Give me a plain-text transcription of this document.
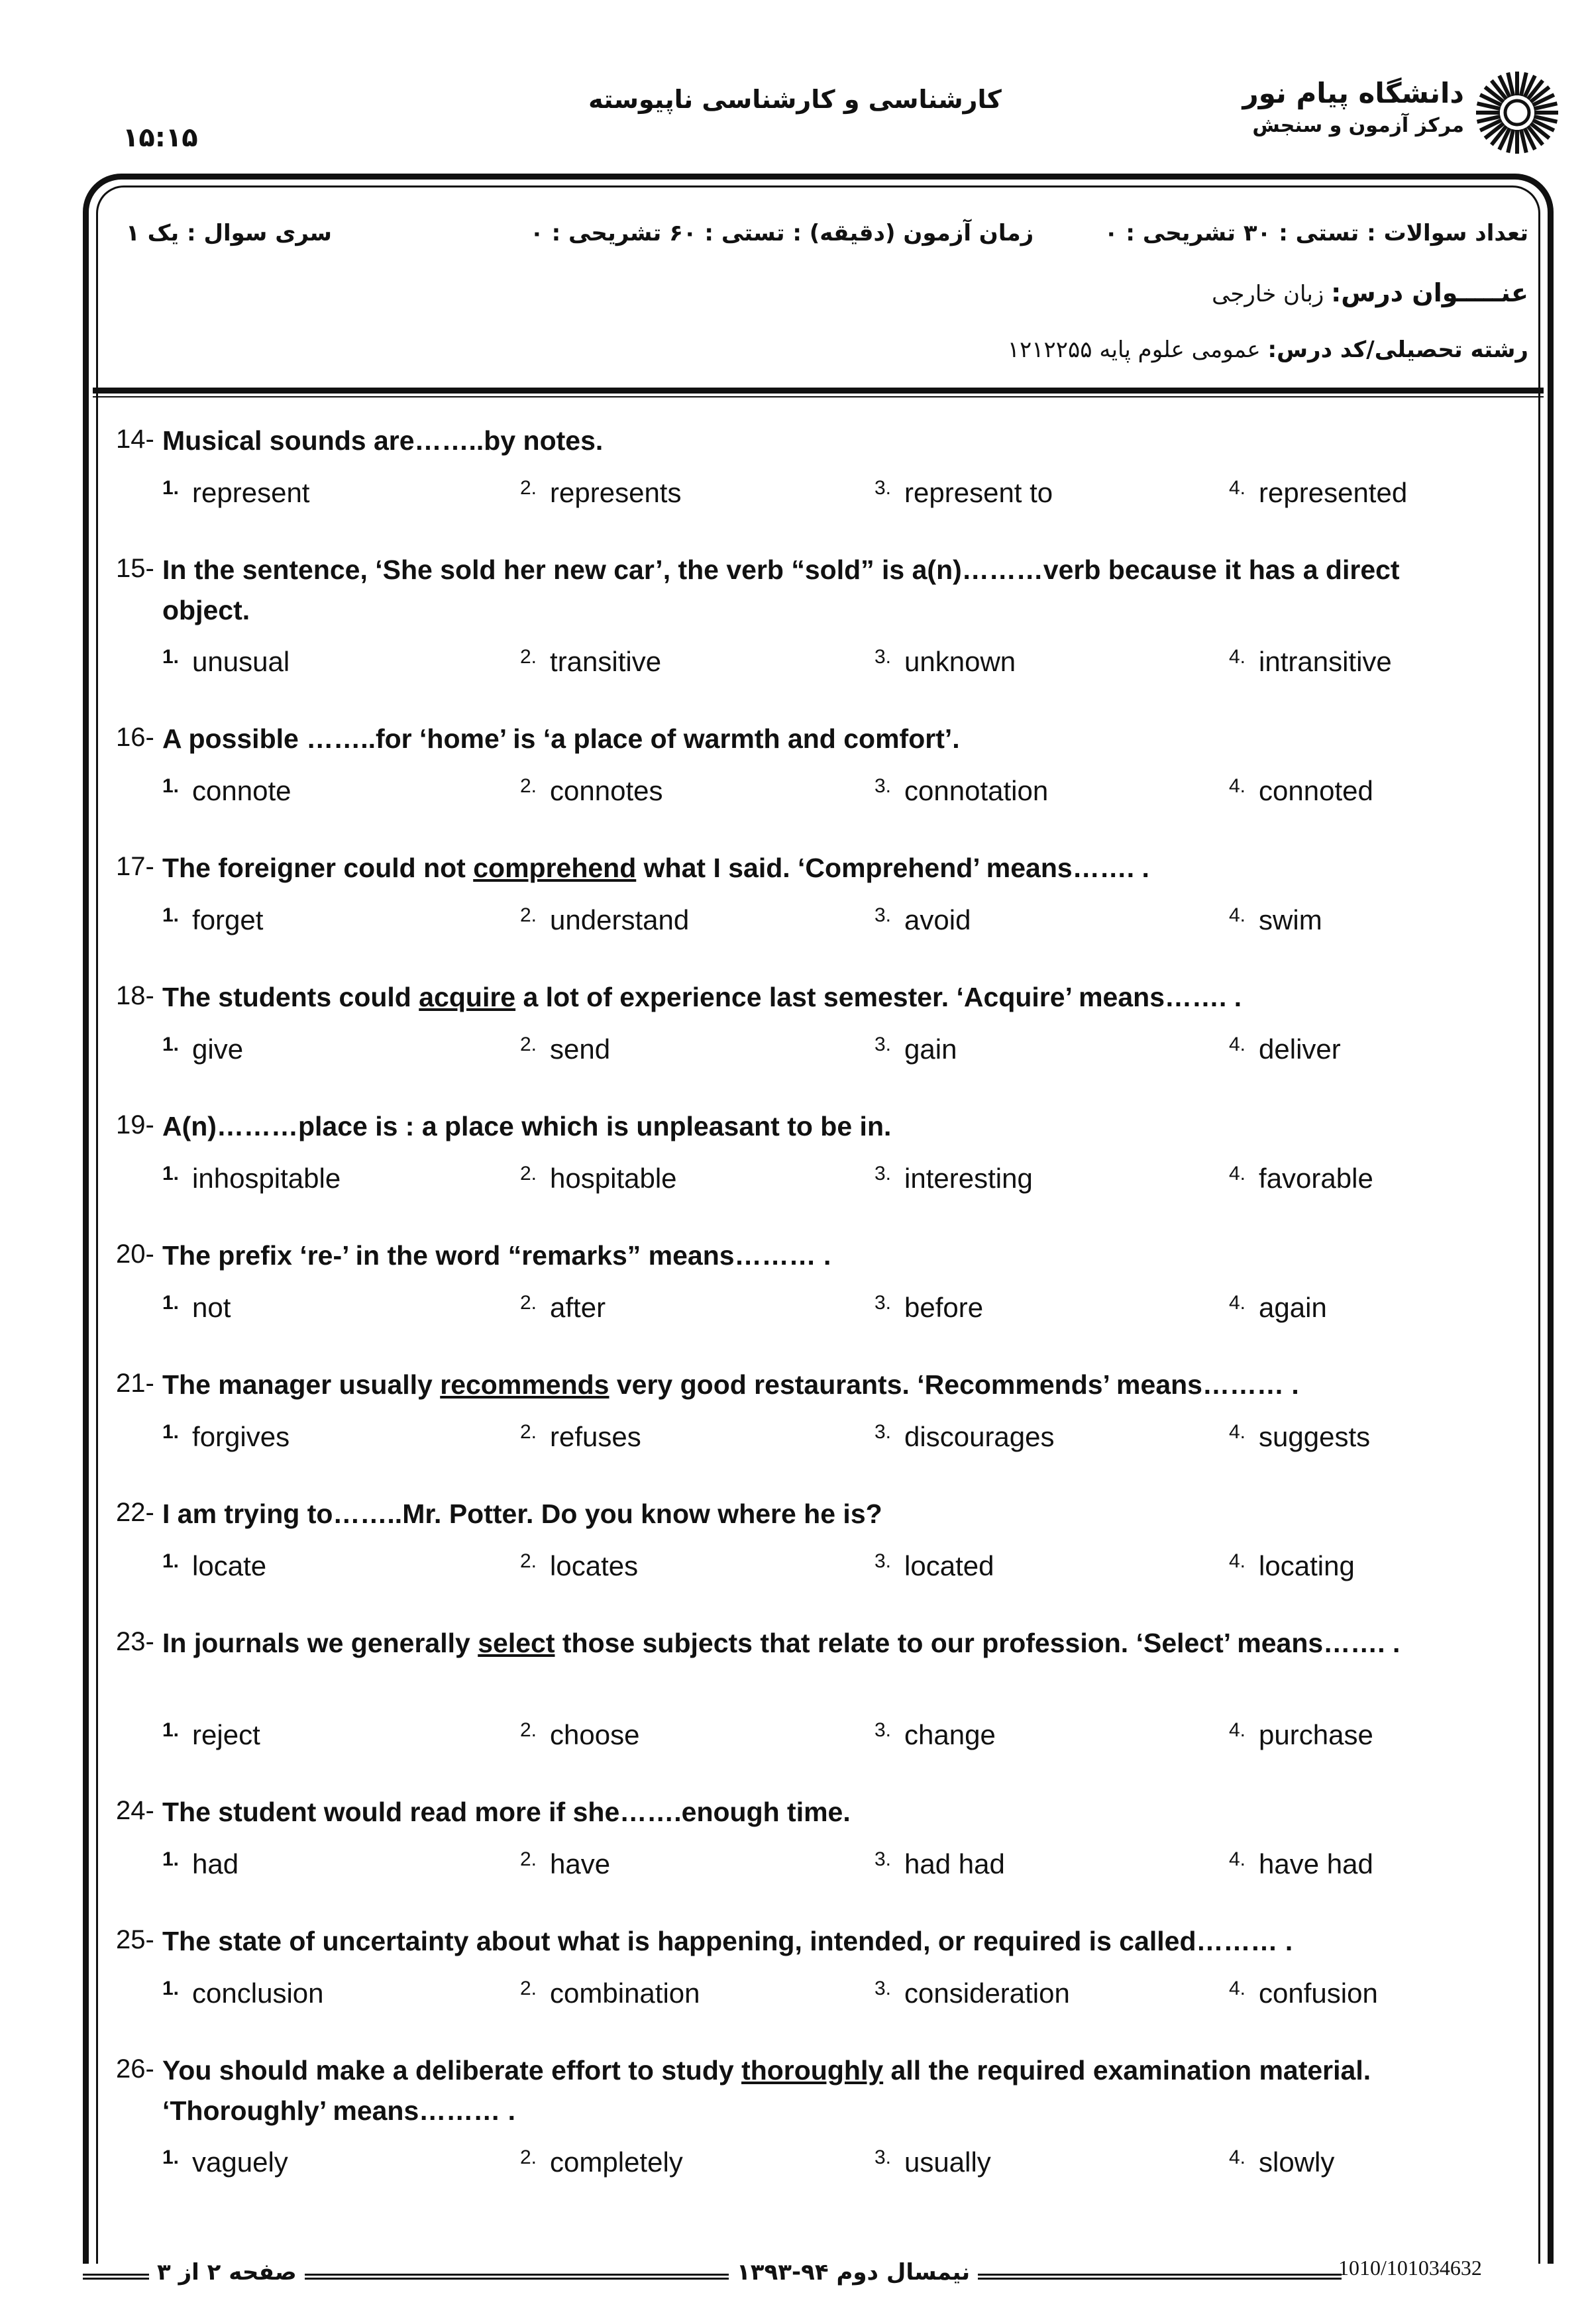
۱۵:۱۵
کارشناسی و کارشناسی ناپیوسته	دانشگاه پیام نور
مرکز آزمون و سنجش
تعداد سوالات : تستی : ۳۰ تشریحی : ۰
زمان آزمون (دقیقه) : تستی : ۶۰ تشریحی : ۰
سری سوال : یک ۱
عنـــــوان درس: زبان خارجی
رشته تحصیلی/کد درس: عمومی علوم پایه ۱۲۱۲۲۵۵
14- Musical sounds are……..by notes.
$^{1.}$ represent	$^{2.}$ represents	$^{3.}$ represent to	$^{4.}$ represented
15- In the sentence, ‘She sold her new car’, the verb “sold” is a(n)………verb because it has a direct object.
$^{1.}$ unusual	$^{2.}$ transitive	$^{3.}$ unknown	$^{4.}$ intransitive
16- A possible ……..for ‘home’ is ‘a place of warmth and comfort’.
$^{1.}$ connote	$^{2.}$ connotes	$^{3.}$ connotation	$^{4.}$ connoted
17- The foreigner could not comprehend what I said. ‘Comprehend’ means……. .
$^{1.}$ forget	$^{2.}$ understand	$^{3.}$ avoid	$^{4.}$ swim
18- The students could acquire a lot of experience last semester. ‘Acquire’ means……. .
$^{1.}$ give	$^{2.}$ send	$^{3.}$ gain	$^{4.}$ deliver
19- A(n)………place is : a place which is unpleasant to be in.
$^{1.}$ inhospitable	$^{2.}$ hospitable	$^{3.}$ interesting	$^{4.}$ favorable
20- The prefix ‘re-’ in the word “remarks” means……… .
$^{1.}$ not	$^{2.}$ after	$^{3.}$ before	$^{4.}$ again
21- The manager usually recommends very good restaurants. ‘Recommends’ means……… .
$^{1.}$ forgives	$^{2.}$ refuses	$^{3.}$ discourages	$^{4.}$ suggests
22- I am trying to……..Mr. Potter. Do you know where he is?
$^{1.}$ locate	$^{2.}$ locates	$^{3.}$ located	$^{4.}$ locating
23- In journals we generally select those subjects that relate to our profession. ‘Select’ means……. .
$^{1.}$ reject	$^{2.}$ choose	$^{3.}$ change	$^{4.}$ purchase
24- The student would read more if she…….enough time.
$^{1.}$ had	$^{2.}$ have	$^{3.}$ had had	$^{4.}$ have had
25- The state of uncertainty about what is happening, intended, or required is called……… .
$^{1.}$ conclusion	$^{2.}$ combination	$^{3.}$ consideration	$^{4.}$ confusion
26- You should make a deliberate effort to study thoroughly all the required examination material. ‘Thoroughly’ means……… .
$^{1.}$ vaguely	$^{2.}$ completely	$^{3.}$ usually	$^{4.}$ slowly
صفحه ۲ از ۳	نیمسال دوم ۹۴-۱۳۹۳	1010/101034632
